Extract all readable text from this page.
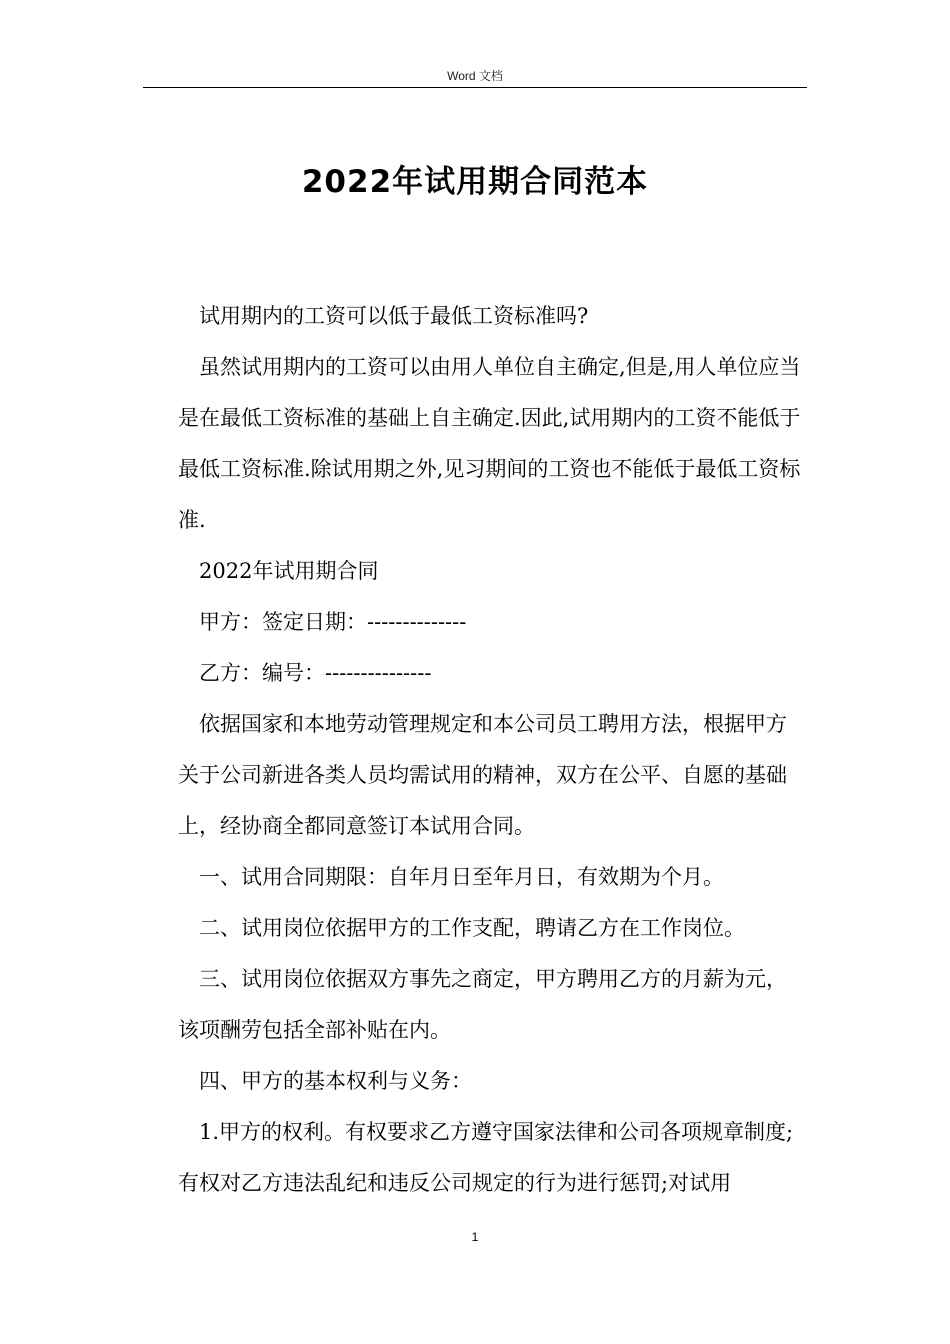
Word 文档
2022年试用期合同范本

试用期内的工资可以低于最低工资标准吗?

虽然试用期内的工资可以由用人单位自主确定,但是,用人单位应当是在最低工资标准的基础上自主确定.因此,试用期内的工资不能低于最低工资标准.除试用期之外,见习期间的工资也不能低于最低工资标准.

2022年试用期合同

甲方：签定日期：--------------

乙方：编号：---------------

依据国家和本地劳动管理规定和本公司员工聘用方法，根据甲方关于公司新进各类人员均需试用的精神，双方在公平、自愿的基础上，经协商全都同意签订本试用合同。

一、试用合同期限：自年月日至年月日，有效期为个月。

二、试用岗位依据甲方的工作支配，聘请乙方在工作岗位。

三、试用岗位依据双方事先之商定，甲方聘用乙方的月薪为元，该项酬劳包括全部补贴在内。

四、甲方的基本权利与义务：

1.甲方的权利。有权要求乙方遵守国家法律和公司各项规章制度;有权对乙方违法乱纪和违反公司规定的行为进行惩罚;对试用

1
